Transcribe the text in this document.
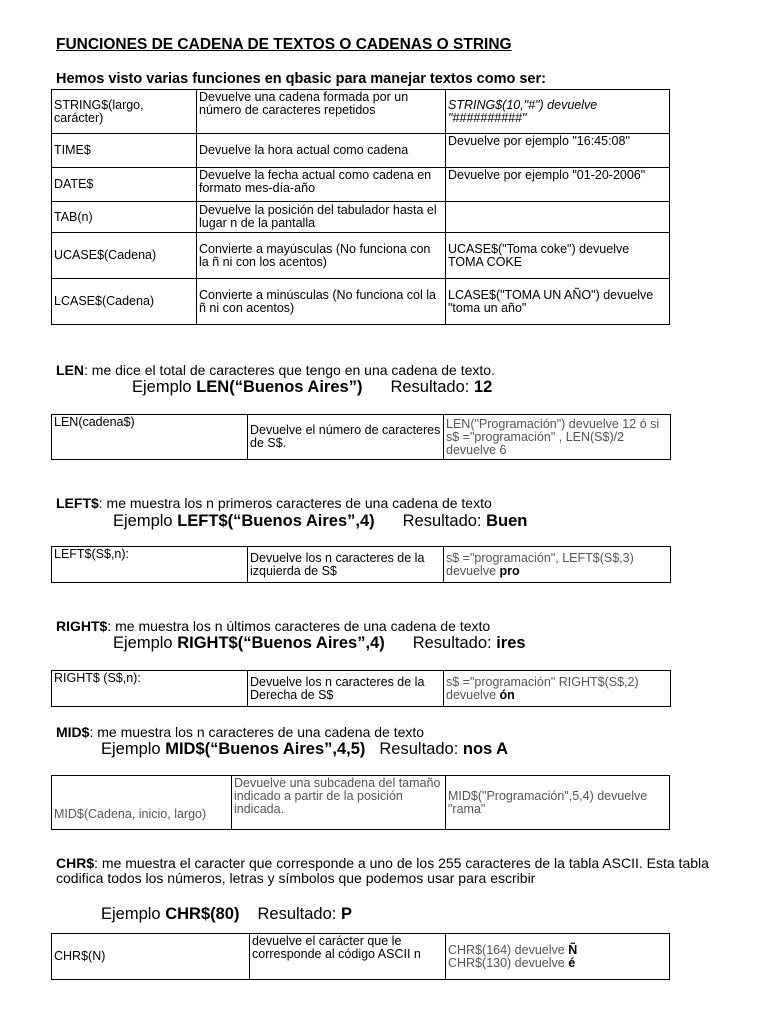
FUNCIONES DE CADENA DE TEXTOS O CADENAS O STRING
Hemos visto varias funciones en qbasic para manejar textos como ser:
STRING$(largo, carácter)	Devuelve una cadena formada por un número de caracteres repetidos	STRING$(10,"#") devuelve "##########"
TIME$	Devuelve la hora actual como cadena	Devuelve por ejemplo "16:45:08"
DATE$	Devuelve la fecha actual como cadena en formato mes-día-año	Devuelve por ejemplo "01-20-2006"
TAB(n)	Devuelve la posición del tabulador hasta el lugar n de la pantalla	
UCASE$(Cadena)	Convierte a mayúsculas (No funciona con la ñ ni con los acentos)	UCASE$("Toma coke") devuelve TOMA COKE
LCASE$(Cadena)	Convierte a minúsculas (No funciona col la ñ ni con acentos)	LCASE$("TOMA UN AÑO") devuelve "toma un año"
LEN: me dice el total de caracteres que tengo en una cadena de texto.
Ejemplo LEN(“Buenos Aires”) Resultado: 12
LEN(cadena$)	Devuelve el número de caracteres de S$.	LEN("Programación") devuelve 12 ó si s$ ="programación" , LEN(S$)/2 devuelve 6
LEFT$: me muestra los n primeros caracteres de una cadena de texto
Ejemplo LEFT$(“Buenos Aires”,4) Resultado: Buen
LEFT$(S$,n):	Devuelve los n caracteres de la izquierda de S$	s$ ="programación", LEFT$(S$,3) devuelve pro
RIGHT$: me muestra los n últimos caracteres de una cadena de texto
Ejemplo RIGHT$(“Buenos Aires”,4) Resultado: ires
RIGHT$ (S$,n):	Devuelve los n caracteres de la Derecha de S$	s$ ="programación" RIGHT$(S$,2) devuelve ón
MID$: me muestra los n caracteres de una cadena de texto
Ejemplo MID$(“Buenos Aires”,4,5) Resultado: nos A
MID$(Cadena, inicio, largo)	Devuelve una subcadena del tamaño indicado a partir de la posición indicada.	MID$("Programación",5,4) devuelve "rama"
CHR$: me muestra el caracter que corresponde a uno de los 255 caracteres de la tabla ASCII. Esta tabla codifica todos los números, letras y símbolos que podemos usar para escribir
Ejemplo CHR$(80) Resultado: P
CHR$(N)	devuelve el carácter que le corresponde al código ASCII n	CHR$(164) devuelve Ñ
CHR$(130) devuelve é
